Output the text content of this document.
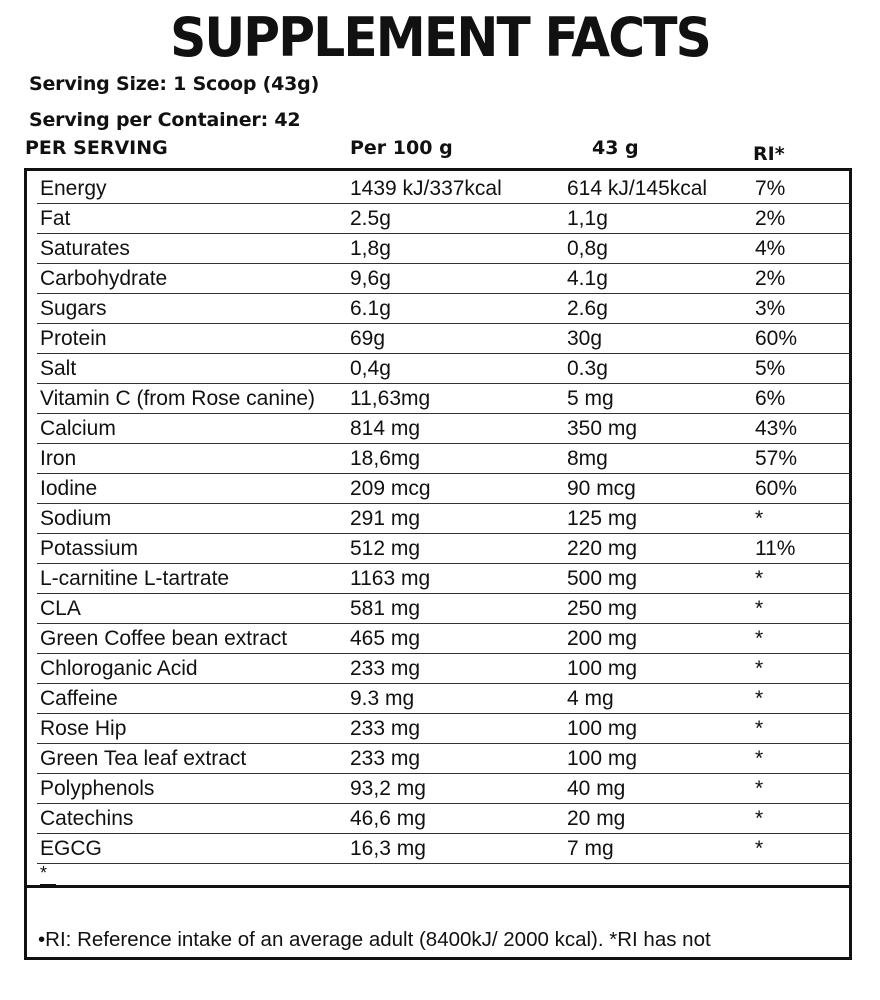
SUPPLEMENT FACTS
Serving Size: 1 Scoop (43g)
Serving per Container: 42
PER SERVING	Per 100 g	43 g	RI*
Energy	1439 kJ/337kcal	614 kJ/145kcal 7%
Fat	2.5g	1,1g	2%
Saturates	1,8g	0,8g	4%
Carbohydrate	9,6g	4.1g	2%
Sugars	6.1g	2.6g	3%
Protein	69g	30g	60%
Salt	0,4g	0.3g	5%
Vitamin C (from Rose canine) 11,63mg	5 mg	6%
Calcium	814 mg	350 mg	43%
Iron	18,6mg	8mg	57%
Iodine	209 mcg	90 mcg	60%
Sodium	291 mg	125 mg	*
Potassium	512 mg	220 mg	11%
L-carnitine L-tartrate	1163 mg	500 mg	*
CLA	581 mg	250 mg	*
Green Coffee bean extract	465 mg	200 mg	*
Chloroganic Acid	233 mg	100 mg	*
Caffeine	9.3 mg	4 mg	*
Rose Hip	233 mg	100 mg	*
Green Tea leaf extract	233 mg	100 mg	*
Polyphenols	93,2 mg	40 mg	*
Catechins	46,6 mg	20 mg	*
EGCG	16,3 mg	7 mg	*
*
•RI: Reference intake of an average adult (8400kJ/ 2000 kcal). *RI has not
